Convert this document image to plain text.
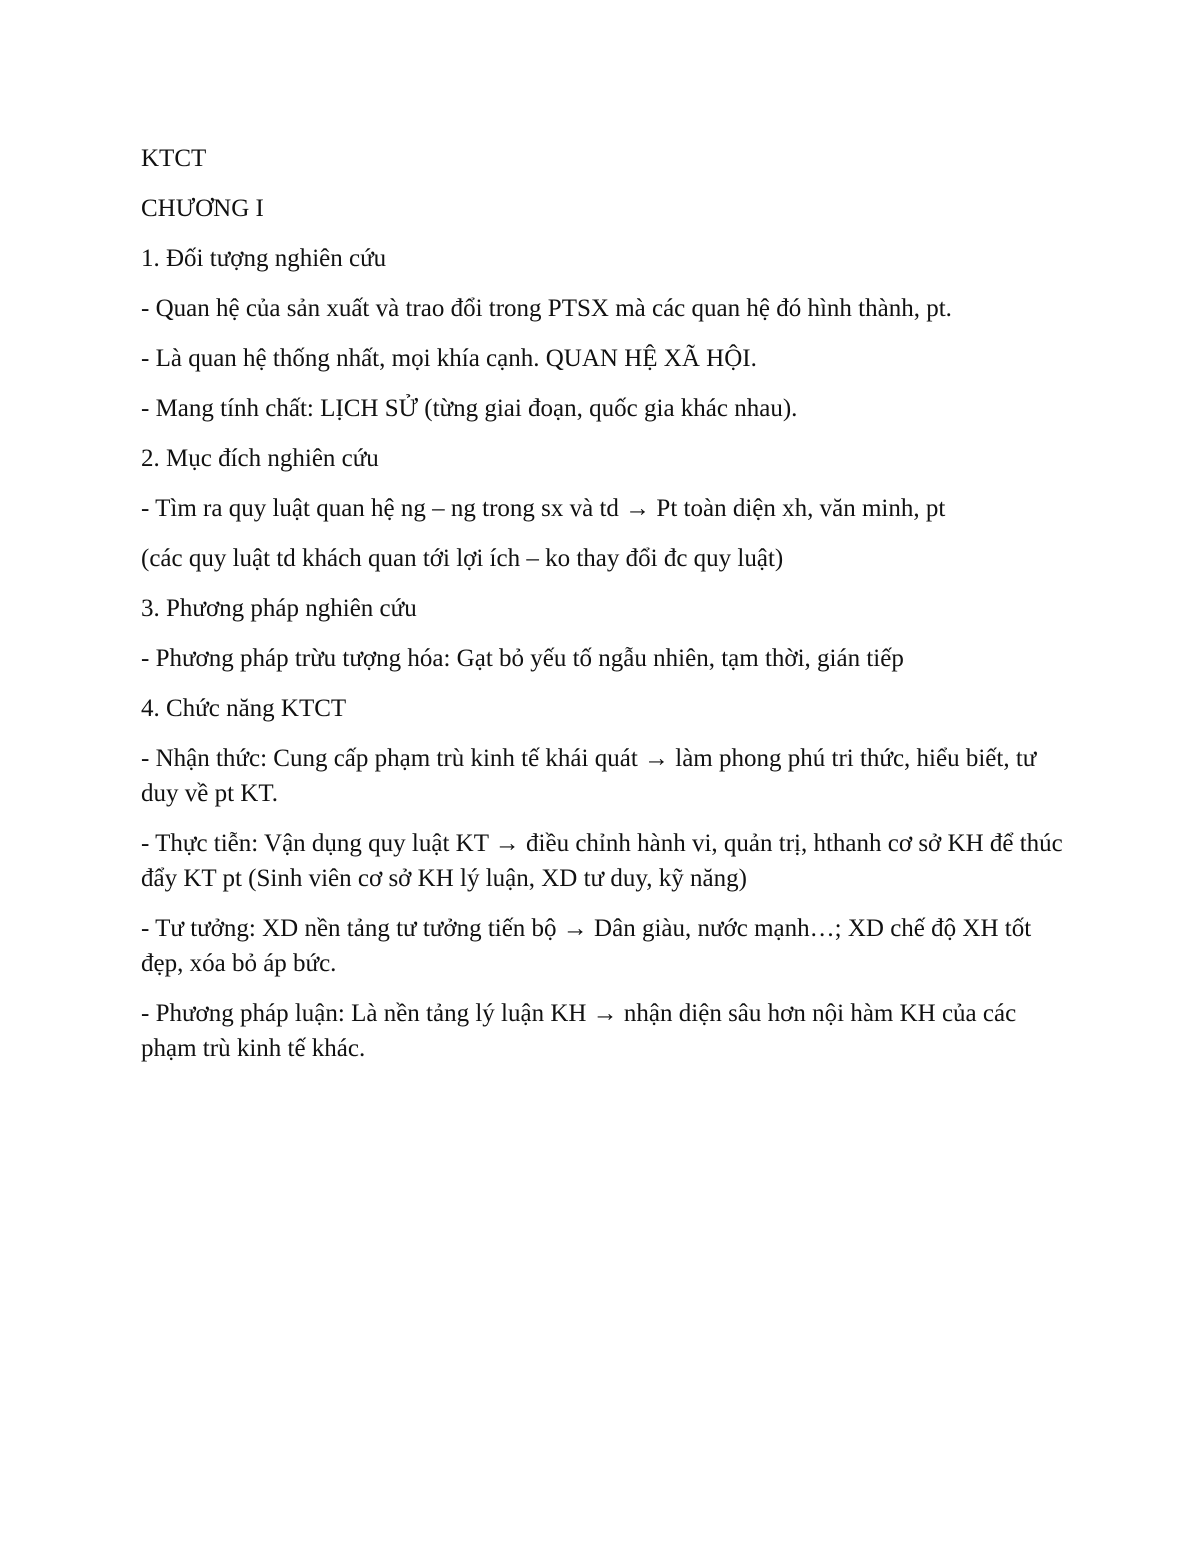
KTCT

CHƯƠNG I

1. Đối tượng nghiên cứu

- Quan hệ của sản xuất và trao đổi trong PTSX mà các quan hệ đó hình thành, pt.

- Là quan hệ thống nhất, mọi khía cạnh. QUAN HỆ XÃ HỘI.

- Mang tính chất: LỊCH SỬ (từng giai đoạn, quốc gia khác nhau).

2. Mục đích nghiên cứu

- Tìm ra quy luật quan hệ ng – ng trong sx và td → Pt toàn diện xh, văn minh, pt

(các quy luật td khách quan tới lợi ích – ko thay đổi đc quy luật)

3. Phương pháp nghiên cứu

- Phương pháp trừu tượng hóa: Gạt bỏ yếu tố ngẫu nhiên, tạm thời, gián tiếp

4. Chức năng KTCT

- Nhận thức: Cung cấp phạm trù kinh tế khái quát → làm phong phú tri thức, hiểu biết, tư duy về pt KT.

- Thực tiễn: Vận dụng quy luật KT → điều chỉnh hành vi, quản trị, hthanh cơ sở KH để thúc đẩy KT pt (Sinh viên cơ sở KH lý luận, XD tư duy, kỹ năng)

- Tư tưởng: XD nền tảng tư tưởng tiến bộ → Dân giàu, nước mạnh…; XD chế độ XH tốt đẹp, xóa bỏ áp bức.

- Phương pháp luận: Là nền tảng lý luận KH → nhận diện sâu hơn nội hàm KH của các phạm trù kinh tế khác.
